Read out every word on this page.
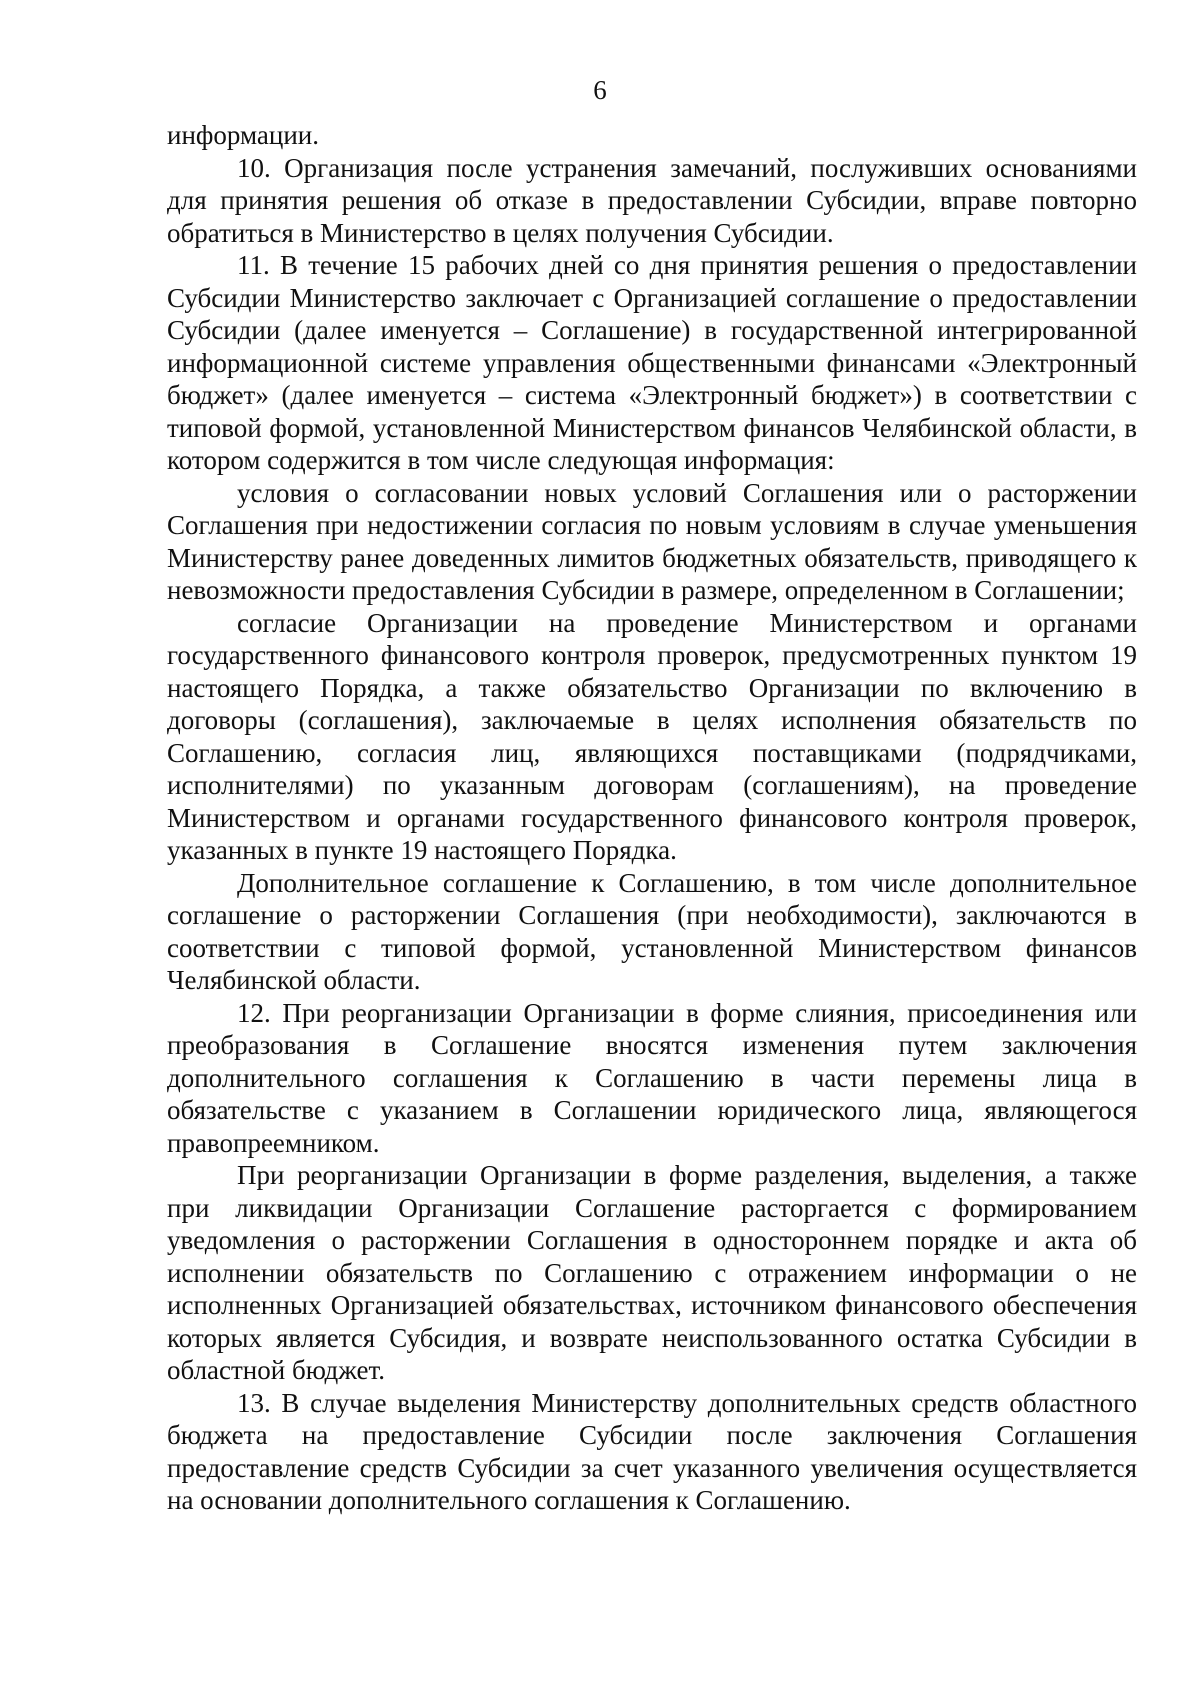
6

информации.

10. Организация после устранения замечаний, послуживших основаниями для принятия решения об отказе в предоставлении Субсидии, вправе повторно обратиться в Министерство в целях получения Субсидии.

11. В течение 15 рабочих дней со дня принятия решения о предоставлении Субсидии Министерство заключает с Организацией соглашение о предоставлении Субсидии (далее именуется – Соглашение) в государственной интегрированной информационной системе управления общественными финансами «Электронный бюджет» (далее именуется – система «Электронный бюджет») в соответствии с типовой формой, установленной Министерством финансов Челябинской области, в котором содержится в том числе следующая информация:

условия о согласовании новых условий Соглашения или о расторжении Соглашения при недостижении согласия по новым условиям в случае уменьшения Министерству ранее доведенных лимитов бюджетных обязательств, приводящего к невозможности предоставления Субсидии в размере, определенном в Соглашении;

согласие Организации на проведение Министерством и органами государственного финансового контроля проверок, предусмотренных пунктом 19 настоящего Порядка, а также обязательство Организации по включению в договоры (соглашения), заключаемые в целях исполнения обязательств по Соглашению, согласия лиц, являющихся поставщиками (подрядчиками, исполнителями) по указанным договорам (соглашениям), на проведение Министерством и органами государственного финансового контроля проверок, указанных в пункте 19 настоящего Порядка.

Дополнительное соглашение к Соглашению, в том числе дополнительное соглашение о расторжении Соглашения (при необходимости), заключаются в соответствии с типовой формой, установленной Министерством финансов Челябинской области.

12. При реорганизации Организации в форме слияния, присоединения или преобразования в Соглашение вносятся изменения путем заключения дополнительного соглашения к Соглашению в части перемены лица в обязательстве с указанием в Соглашении юридического лица, являющегося правопреемником.

При реорганизации Организации в форме разделения, выделения, а также при ликвидации Организации Соглашение расторгается с формированием уведомления о расторжении Соглашения в одностороннем порядке и акта об исполнении обязательств по Соглашению с отражением информации о не исполненных Организацией обязательствах, источником финансового обеспечения которых является Субсидия, и возврате неиспользованного остатка Субсидии в областной бюджет.

13. В случае выделения Министерству дополнительных средств областного бюджета на предоставление Субсидии после заключения Соглашения предоставление средств Субсидии за счет указанного увеличения осуществляется на основании дополнительного соглашения к Соглашению.
